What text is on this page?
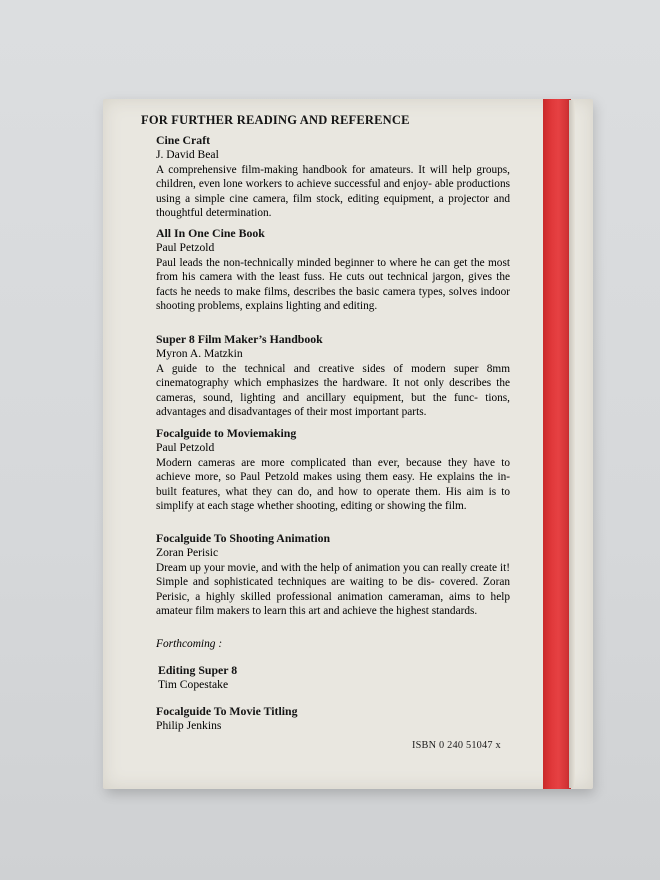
FOR FURTHER READING AND REFERENCE
Cine Craft
J. David Beal
A comprehensive film-making handbook for amateurs. It will help groups, children, even lone workers to achieve successful and enjoy- able productions using a simple cine camera, film stock, editing equipment, a projector and thoughtful determination.
All In One Cine Book
Paul Petzold
Paul leads the non-technically minded beginner to where he can get the most from his camera with the least fuss. He cuts out technical jargon, gives the facts he needs to make films, describes the basic camera types, solves indoor shooting problems, explains lighting and editing.
Super 8 Film Maker’s Handbook
Myron A. Matzkin
A guide to the technical and creative sides of modern super 8mm cinematography which emphasizes the hardware. It not only describes the cameras, sound, lighting and ancillary equipment, but the func- tions, advantages and disadvantages of their most important parts.
Focalguide to Moviemaking
Paul Petzold
Modern cameras are more complicated than ever, because they have to achieve more, so Paul Petzold makes using them easy. He explains the in-built features, what they can do, and how to operate them. His aim is to simplify at each stage whether shooting, editing or showing the film.
Focalguide To Shooting Animation
Zoran Perisic
Dream up your movie, and with the help of animation you can really create it! Simple and sophisticated techniques are waiting to be dis- covered. Zoran Perisic, a highly skilled professional animation cameraman, aims to help amateur film makers to learn this art and achieve the highest standards.
Forthcoming :
Editing Super 8
Tim Copestake
Focalguide To Movie Titling
Philip Jenkins
ISBN 0 240 51047 x
